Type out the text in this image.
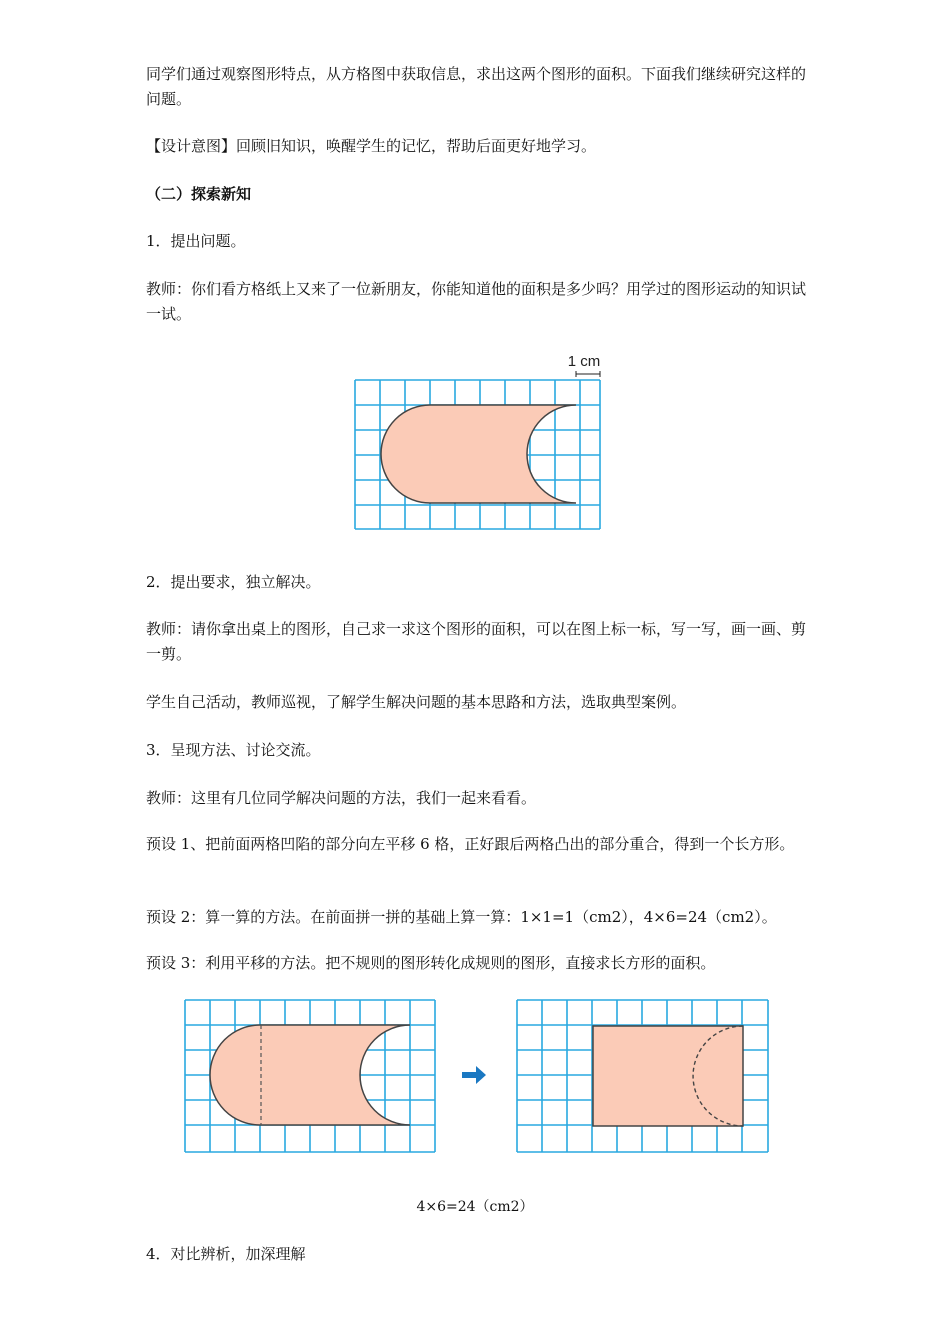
同学们通过观察图形特点，从方格图中获取信息，求出这两个图形的面积。下面我们继续研究这样的问题。

【设计意图】回顾旧知识，唤醒学生的记忆，帮助后面更好地学习。

（二）探索新知

1．提出问题。

教师：你们看方格纸上又来了一位新朋友，你能知道他的面积是多少吗？用学过的图形运动的知识试一试。

1 cm

2．提出要求，独立解决。

教师：请你拿出桌上的图形，自己求一求这个图形的面积，可以在图上标一标，写一写，画一画、剪一剪。

学生自己活动，教师巡视，了解学生解决问题的基本思路和方法，选取典型案例。

3．呈现方法、讨论交流。

教师：这里有几位同学解决问题的方法，我们一起来看看。

预设 1、把前面两格凹陷的部分向左平移 6 格，正好跟后两格凸出的部分重合，得到一个长方形。

预设 2：算一算的方法。在前面拼一拼的基础上算一算：1×1=1（cm2），4×6=24（cm2）。

预设 3：利用平移的方法。把不规则的图形转化成规则的图形，直接求长方形的面积。

4×6=24（cm2）

4．对比辨析，加深理解
